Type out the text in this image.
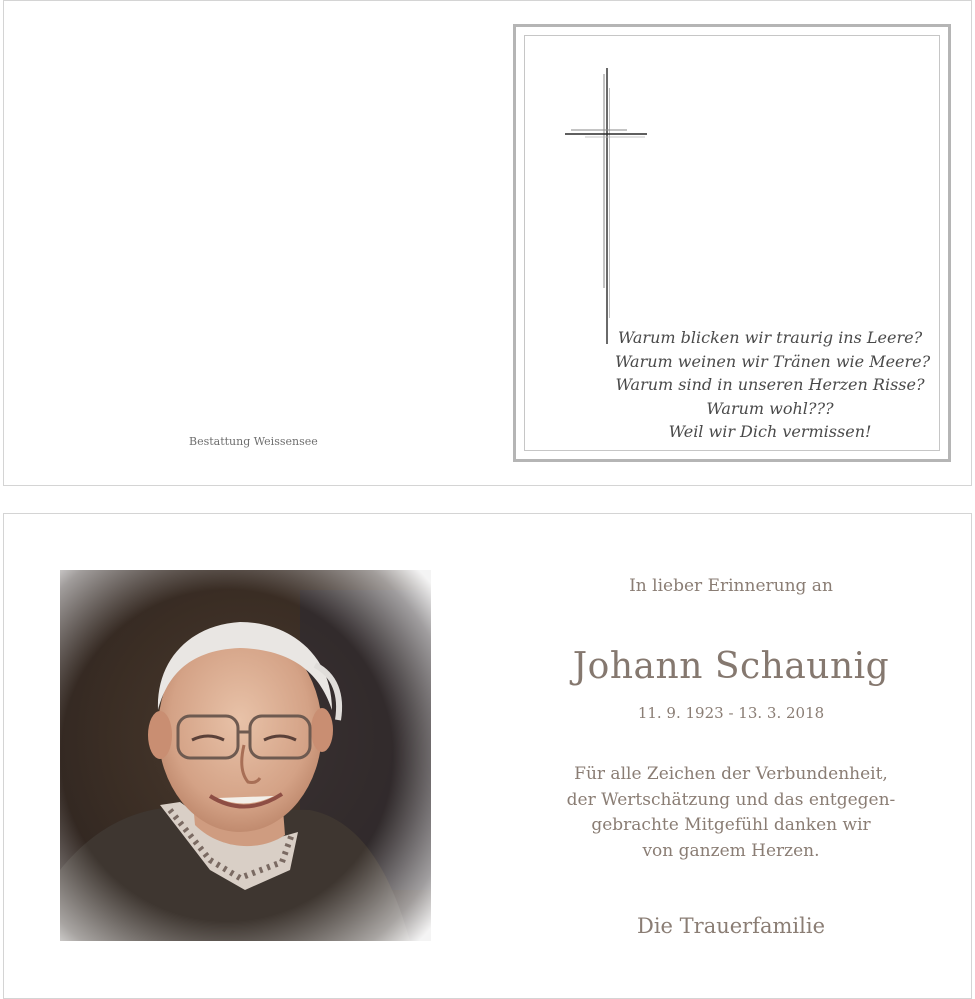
Bestattung Weissensee
Warum blicken wir traurig ins Leere?
Warum weinen wir Tränen wie Meere?
Warum sind in unseren Herzen Risse?
Warum wohl???
Weil wir Dich vermissen!
In lieber Erinnerung an
Johann Schaunig
11. 9. 1923 - 13. 3. 2018
Für alle Zeichen der Verbundenheit,
der Wertschätzung und das entgegen-
gebrachte Mitgefühl danken wir
von ganzem Herzen.
Die Trauerfamilie
